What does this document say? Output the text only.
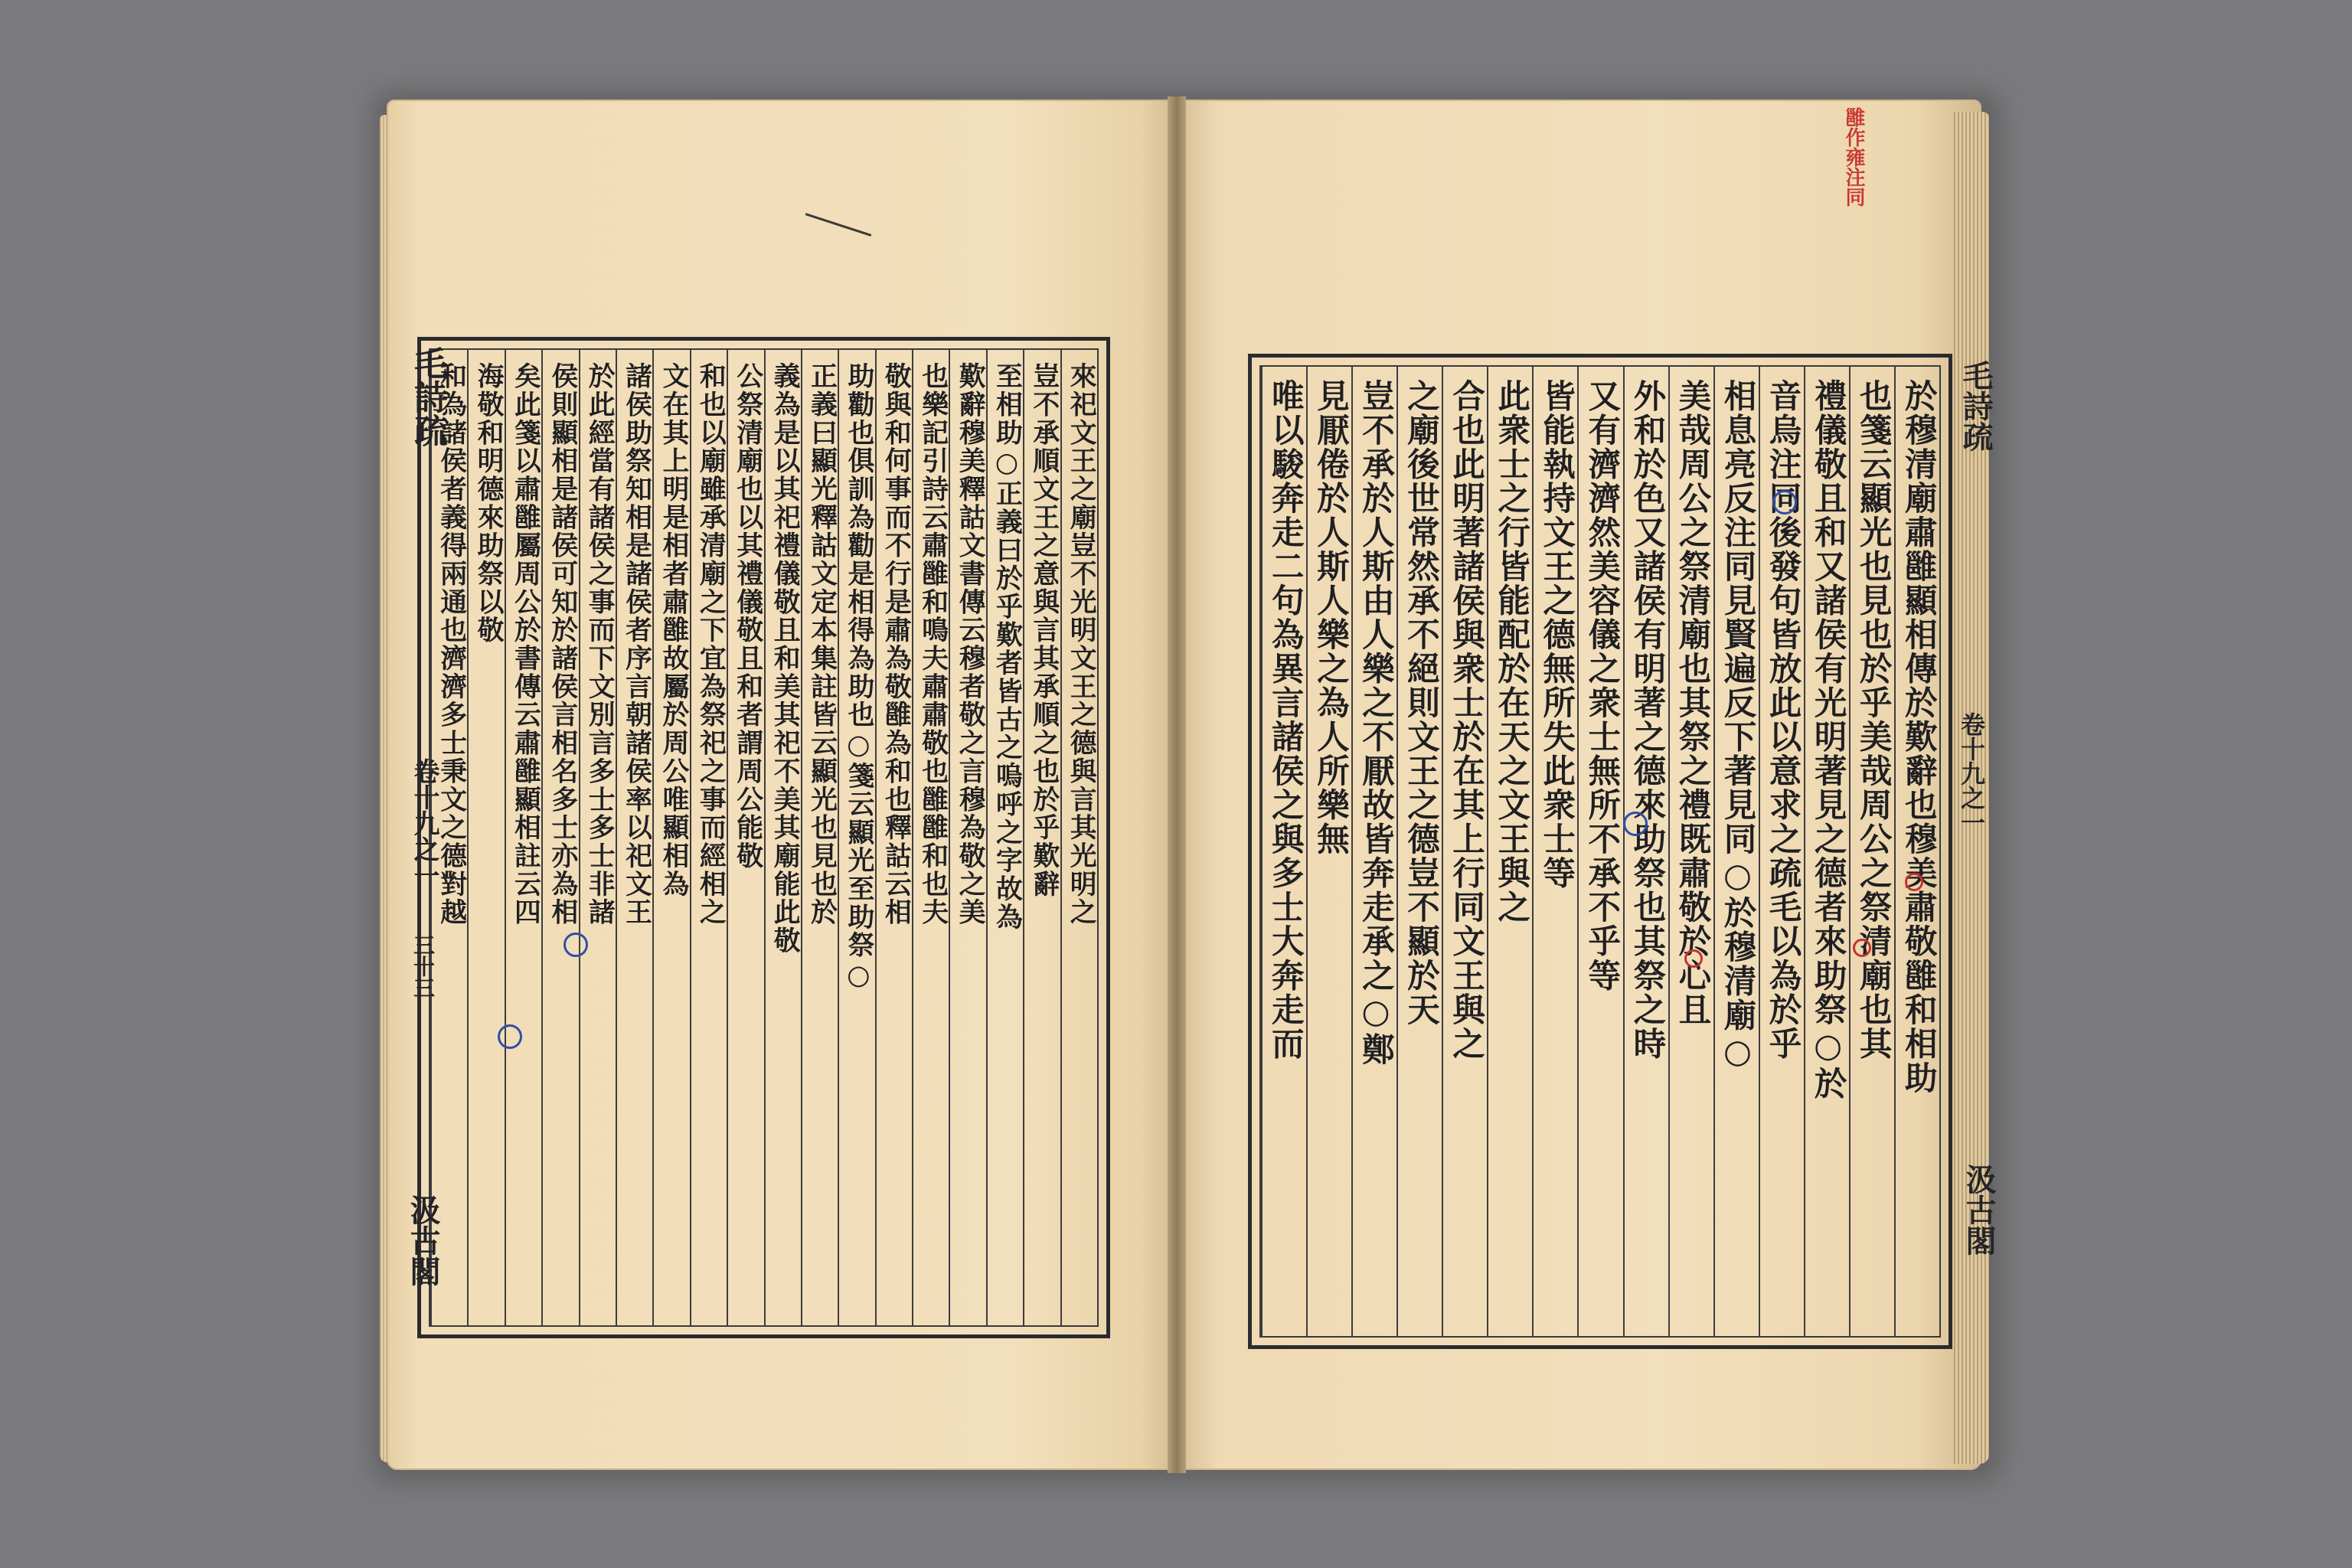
雝作雍注同
來祀文王之廟豈不光明文王之德與言其光明之
豈不承順文王之意與言其承順之也於乎歎辭
至相助○正義曰於乎歎者皆古之嗚呼之字故為
歎辭穆美釋詁文書傳云穆者敬之言穆為敬之美
也樂記引詩云肅雝和鳴夫肅肅敬也雝雝和也夫
敬與和何事而不行是肅為敬雝為和也釋詁云相
助勸也俱訓為勸是相得為助也○箋云顯光至助祭○
正義曰顯光釋詁文定本集註皆云顯光也見也於
義為是以其祀禮儀敬且和美其祀不美其廟能此敬
公祭清廟也以其禮儀敬且和者謂周公能敬
和也以廟雖承清廟之下宜為祭祀之事而經相之
文在其上明是相者肅雝故屬於周公唯顯相為
諸侯助祭知相是諸侯者序言朝諸侯率以祀文王
於此經當有諸侯之事而下文別言多士多士非諸
侯則顯相是諸侯可知於諸侯言相名多士亦為相
矣此箋以肅雝屬周公於書傳云肅雝顯相註云四
海敬和明德來助祭以敬
和為諸侯者義得兩通也濟濟多士秉文之德對越
毛詩疏
卷十九之一
三十三
汲古閣
於穆清廟肅雝顯相傳於歎辭也穆美肅敬雝和相助
也箋云顯光也見也於乎美哉周公之祭清廟也其
禮儀敬且和又諸侯有光明著見之德者來助祭○於
音烏注同後發句皆放此以意求之疏毛以為於乎
相息亮反注同見賢遍反下著見同○於穆清廟○
美哉周公之祭清廟也其祭之禮既肅敬於心且
外和於色又諸侯有明著之德來助祭也其祭之時
又有濟濟然美容儀之衆士無所不承不乎等
皆能執持文王之德無所失此衆士等
此衆士之行皆能配於在天之文王與之
合也此明著諸侯與衆士於在其上行同文王與之
之廟後世常然承不絕則文王之德豈不顯於天
豈不承於人斯由人樂之不厭故皆奔走承之○鄭
見厭倦於人斯人樂之為人所樂無
唯以駿奔走二句為異言諸侯之與多士大奔走而	毛詩疏
卷十九之一
汲古閣
